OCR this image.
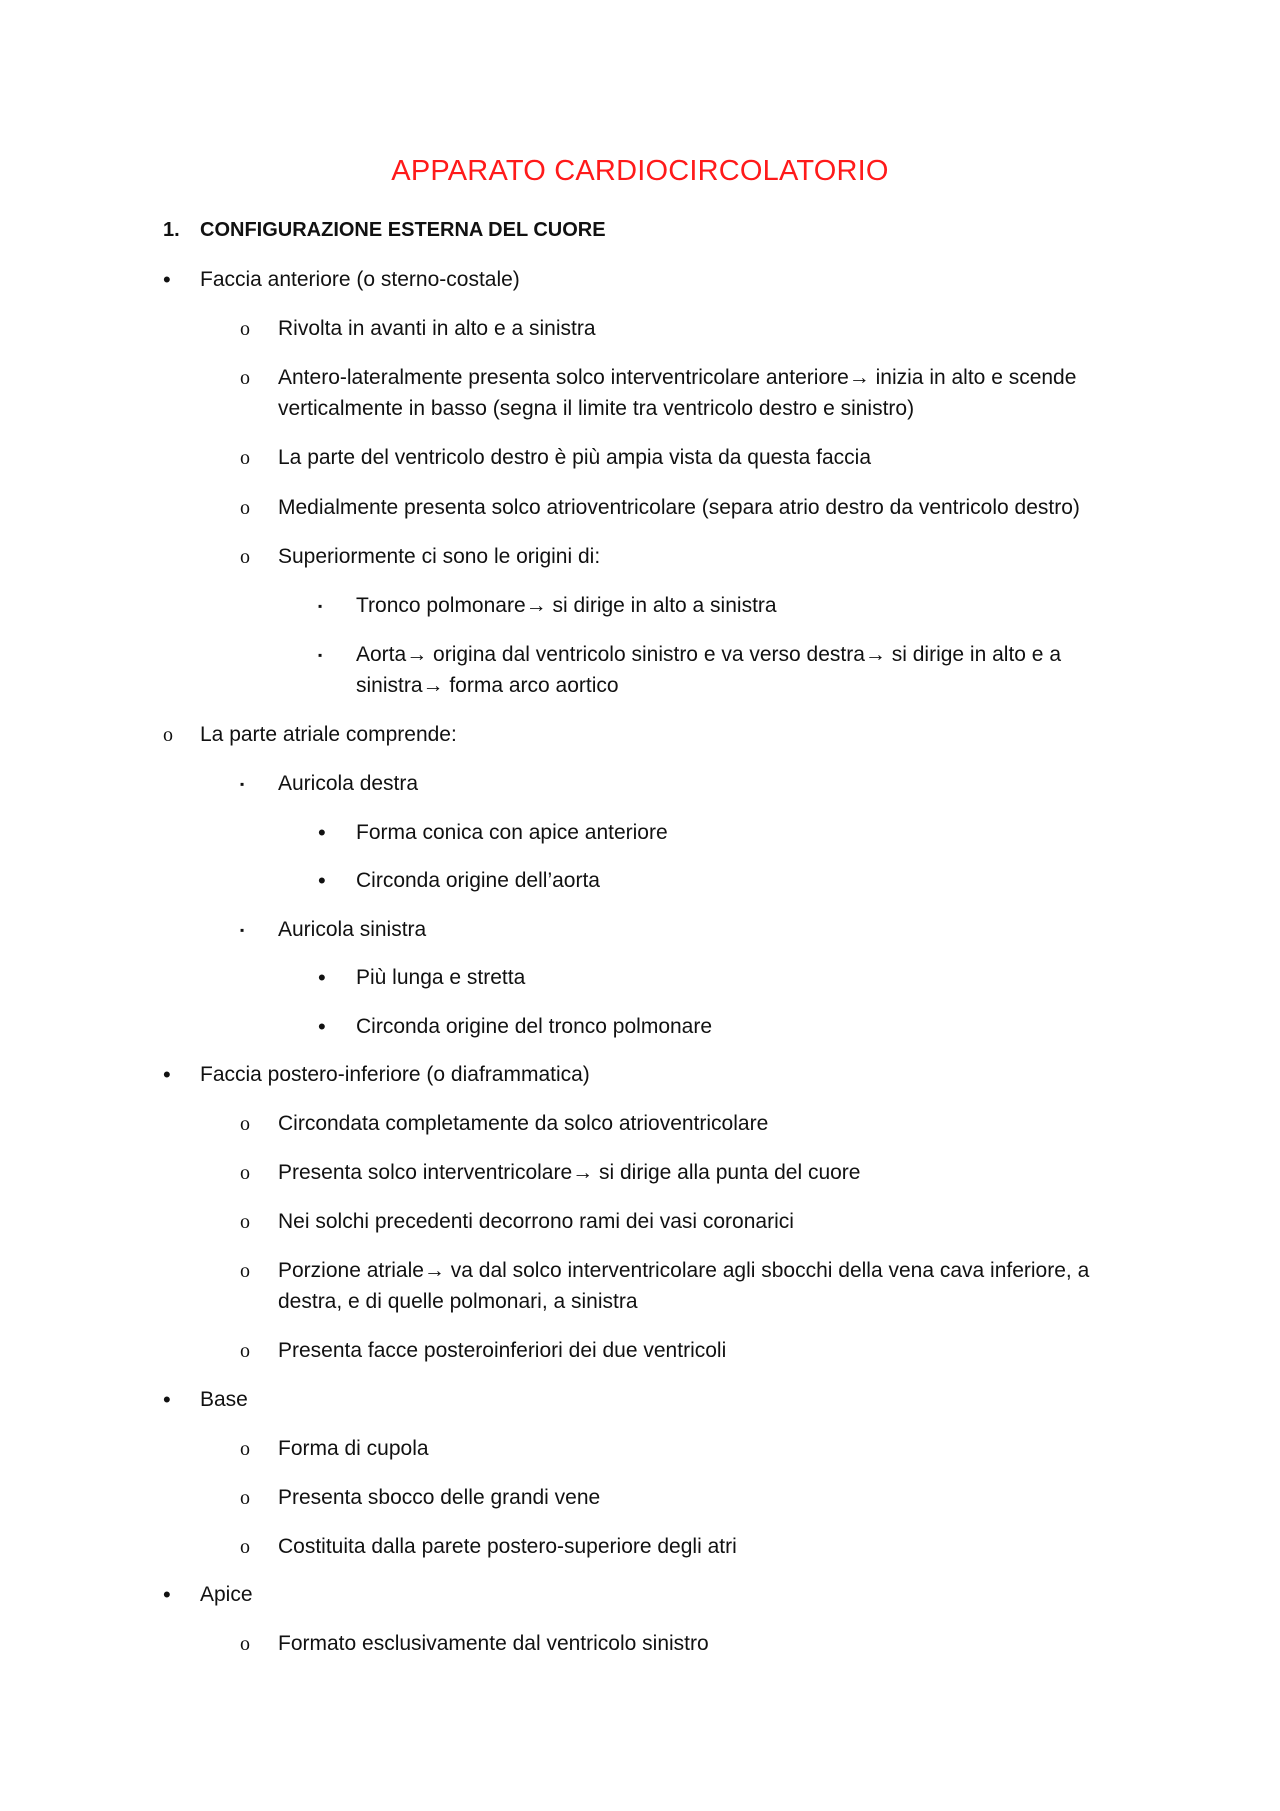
APPARATO CARDIOCIRCOLATORIO
1. CONFIGURAZIONE ESTERNA DEL CUORE
• Faccia anteriore (o sterno-costale)
o Rivolta in avanti in alto e a sinistra
o Antero-lateralmente presenta solco interventricolare anteriore→ inizia in alto e scende
verticalmente in basso (segna il limite tra ventricolo destro e sinistro)
o La parte del ventricolo destro è più ampia vista da questa faccia
o Medialmente presenta solco atrioventricolare (separa atrio destro da ventricolo destro)
o Superiormente ci sono le origini di:
▪ Tronco polmonare→ si dirige in alto a sinistra
▪ Aorta→ origina dal ventricolo sinistro e va verso destra→ si dirige in alto e a
sinistra→ forma arco aortico
o La parte atriale comprende:
▪ Auricola destra
• Forma conica con apice anteriore
• Circonda origine dell’aorta
▪ Auricola sinistra
• Più lunga e stretta
• Circonda origine del tronco polmonare
• Faccia postero-inferiore (o diaframmatica)
o Circondata completamente da solco atrioventricolare
o Presenta solco interventricolare→ si dirige alla punta del cuore
o Nei solchi precedenti decorrono rami dei vasi coronarici
o Porzione atriale→ va dal solco interventricolare agli sbocchi della vena cava inferiore, a
destra, e di quelle polmonari, a sinistra
o Presenta facce posteroinferiori dei due ventricoli
• Base
o Forma di cupola
o Presenta sbocco delle grandi vene
o Costituita dalla parete postero-superiore degli atri
• Apice
o Formato esclusivamente dal ventricolo sinistro
